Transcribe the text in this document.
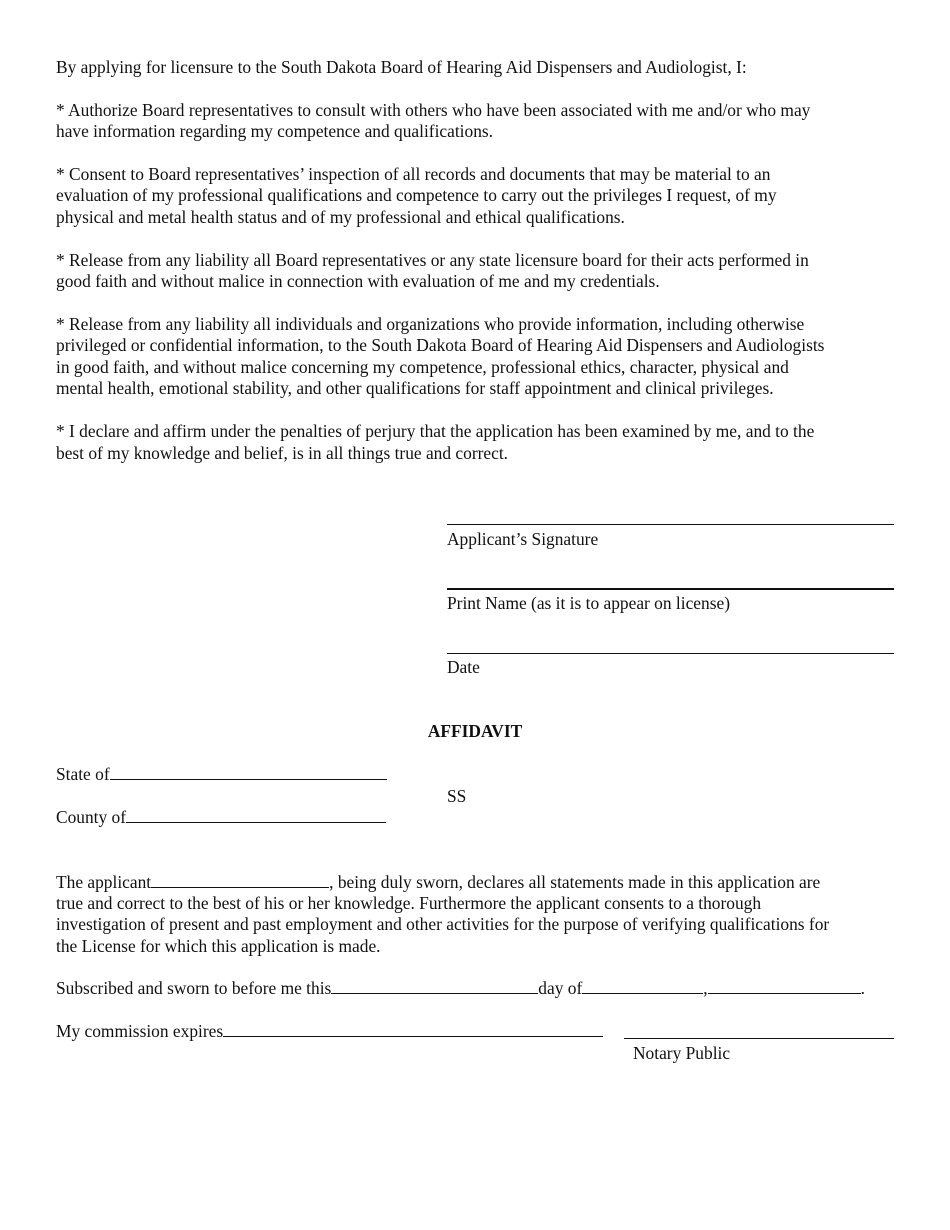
By applying for licensure to the South Dakota Board of Hearing Aid Dispensers and Audiologist, I:

* Authorize Board representatives to consult with others who have been associated with me and/or who may

have information regarding my competence and qualifications.

* Consent to Board representatives’ inspection of all records and documents that may be material to an

evaluation of my professional qualifications and competence to carry out the privileges I request, of my

physical and metal health status and of my professional and ethical qualifications.

* Release from any liability all Board representatives or any state licensure board for their acts performed in

good faith and without malice in connection with evaluation of me and my credentials.

* Release from any liability all individuals and organizations who provide information, including otherwise

privileged or confidential information, to the South Dakota Board of Hearing Aid Dispensers and Audiologists

in good faith, and without malice concerning my competence, professional ethics, character, physical and

mental health, emotional stability, and other qualifications for staff appointment and clinical privileges.

* I declare and affirm under the penalties of perjury that the application has been examined by me, and to the

best of my knowledge and belief, is in all things true and correct.

Applicant’s Signature

Print Name (as it is to appear on license)

Date

AFFIDAVIT

State of

SS

County of

The applicant	, being duly sworn, declares all statements made in this application are

true and correct to the best of his or her knowledge. Furthermore the applicant consents to a thorough

investigation of present and past employment and other activities for the purpose of verifying qualifications for

the License for which this application is made.

Subscribed and sworn to before me this	day of	,	.

My commission expires

Notary Public
